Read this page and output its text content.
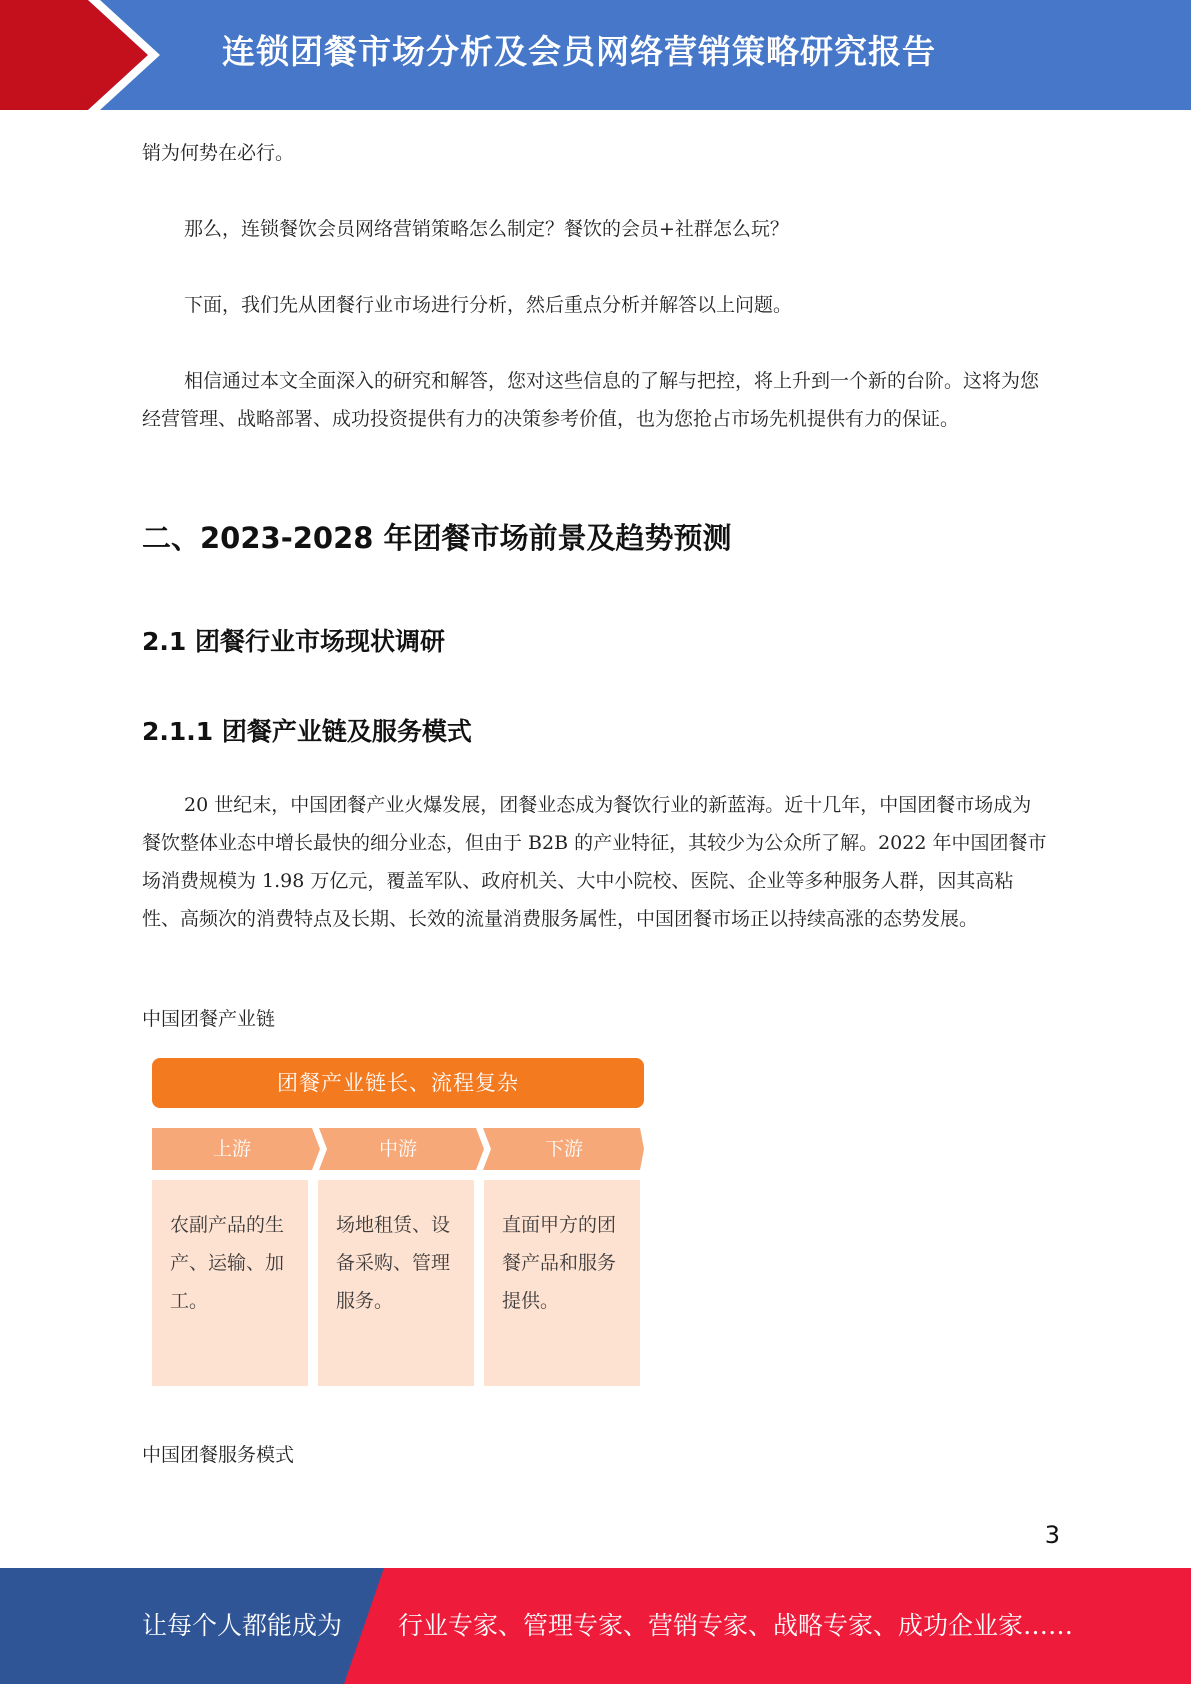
连锁团餐市场分析及会员网络营销策略研究报告

销为何势在必行。

那么，连锁餐饮会员网络营销策略怎么制定？餐饮的会员+社群怎么玩？

下面，我们先从团餐行业市场进行分析，然后重点分析并解答以上问题。

相信通过本文全面深入的研究和解答，您对这些信息的了解与把控，将上升到一个新的台阶。这将为您经营管理、战略部署、成功投资提供有力的决策参考价值，也为您抢占市场先机提供有力的保证。

二、2023-2028 年团餐市场前景及趋势预测
2.1 团餐行业市场现状调研
2.1.1 团餐产业链及服务模式

20 世纪末，中国团餐产业火爆发展，团餐业态成为餐饮行业的新蓝海。近十几年，中国团餐市场成为餐饮整体业态中增长最快的细分业态，但由于 B2B 的产业特征，其较少为公众所了解。2022 年中国团餐市场消费规模为 1.98 万亿元，覆盖军队、政府机关、大中小院校、医院、企业等多种服务人群，因其高粘性、高频次的消费特点及长期、长效的流量消费服务属性，中国团餐市场正以持续高涨的态势发展。

中国团餐产业链

中国团餐服务模式

团餐产业链长、流程复杂
上游	中游	下游
农副产品的生产、运输、加工。
场地租赁、设备采购、管理服务。
直面甲方的团餐产品和服务提供。
3
让每个人都能成为 行业专家、管理专家、营销专家、战略专家、成功企业家……
